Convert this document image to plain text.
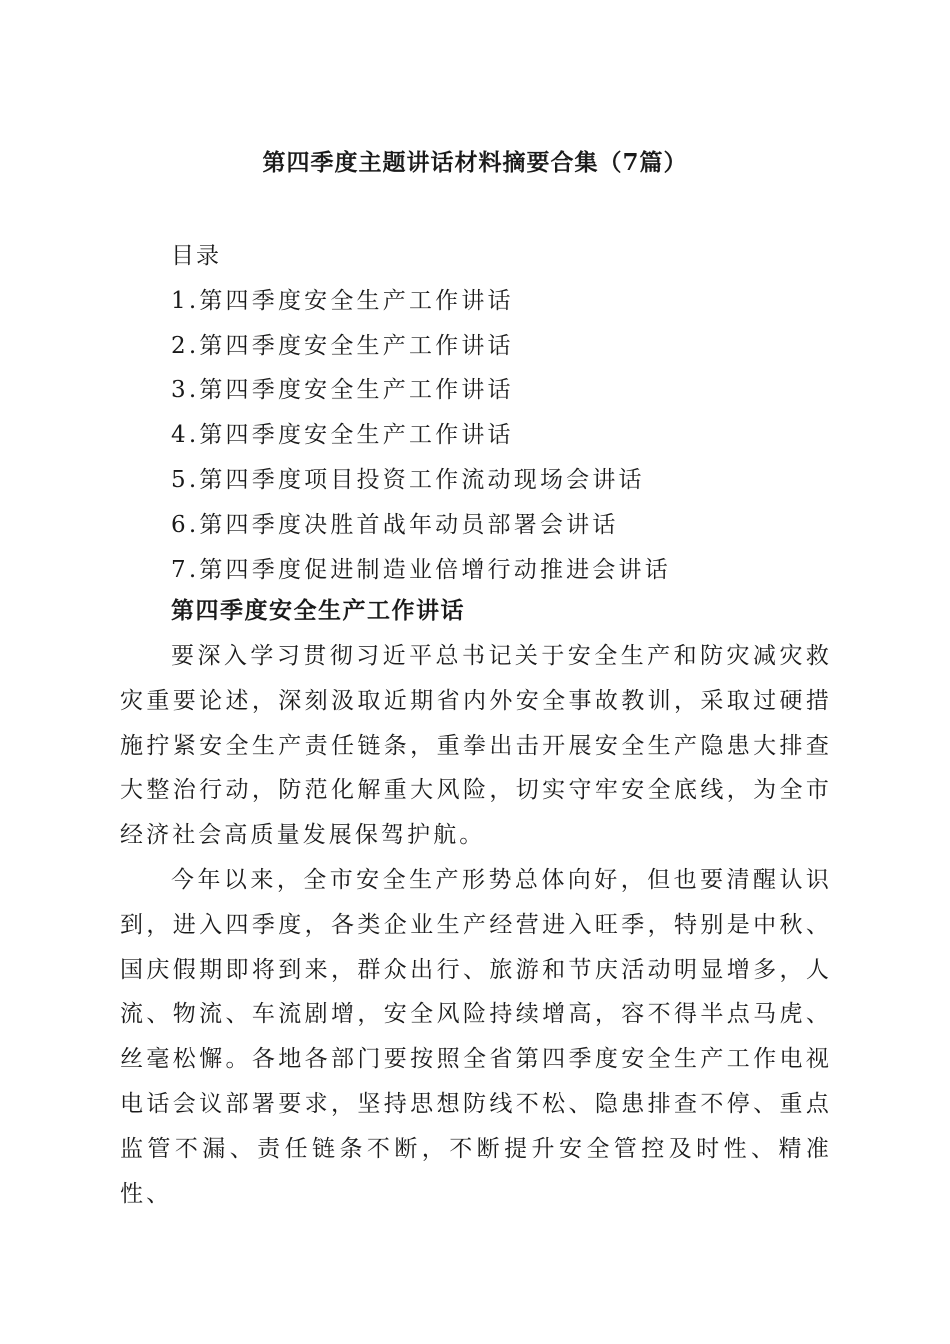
第四季度主题讲话材料摘要合集（7篇）
目录
1.第四季度安全生产工作讲话
2.第四季度安全生产工作讲话
3.第四季度安全生产工作讲话
4.第四季度安全生产工作讲话
5.第四季度项目投资工作流动现场会讲话
6.第四季度决胜首战年动员部署会讲话
7.第四季度促进制造业倍增行动推进会讲话
第四季度安全生产工作讲话

要深入学习贯彻习近平总书记关于安全生产和防灾减灾救灾重要论述，深刻汲取近期省内外安全事故教训，采取过硬措施拧紧安全生产责任链条，重拳出击开展安全生产隐患大排查大整治行动，防范化解重大风险，切实守牢安全底线，为全市经济社会高质量发展保驾护航。

今年以来，全市安全生产形势总体向好，但也要清醒认识到，进入四季度，各类企业生产经营进入旺季，特别是中秋、国庆假期即将到来，群众出行、旅游和节庆活动明显增多，人流、物流、车流剧增，安全风险持续增高，容不得半点马虎、丝毫松懈。各地各部门要按照全省第四季度安全生产工作电视电话会议部署要求，坚持思想防线不松、隐患排查不停、重点监管不漏、责任链条不断，不断提升安全管控及时性、精准性、
